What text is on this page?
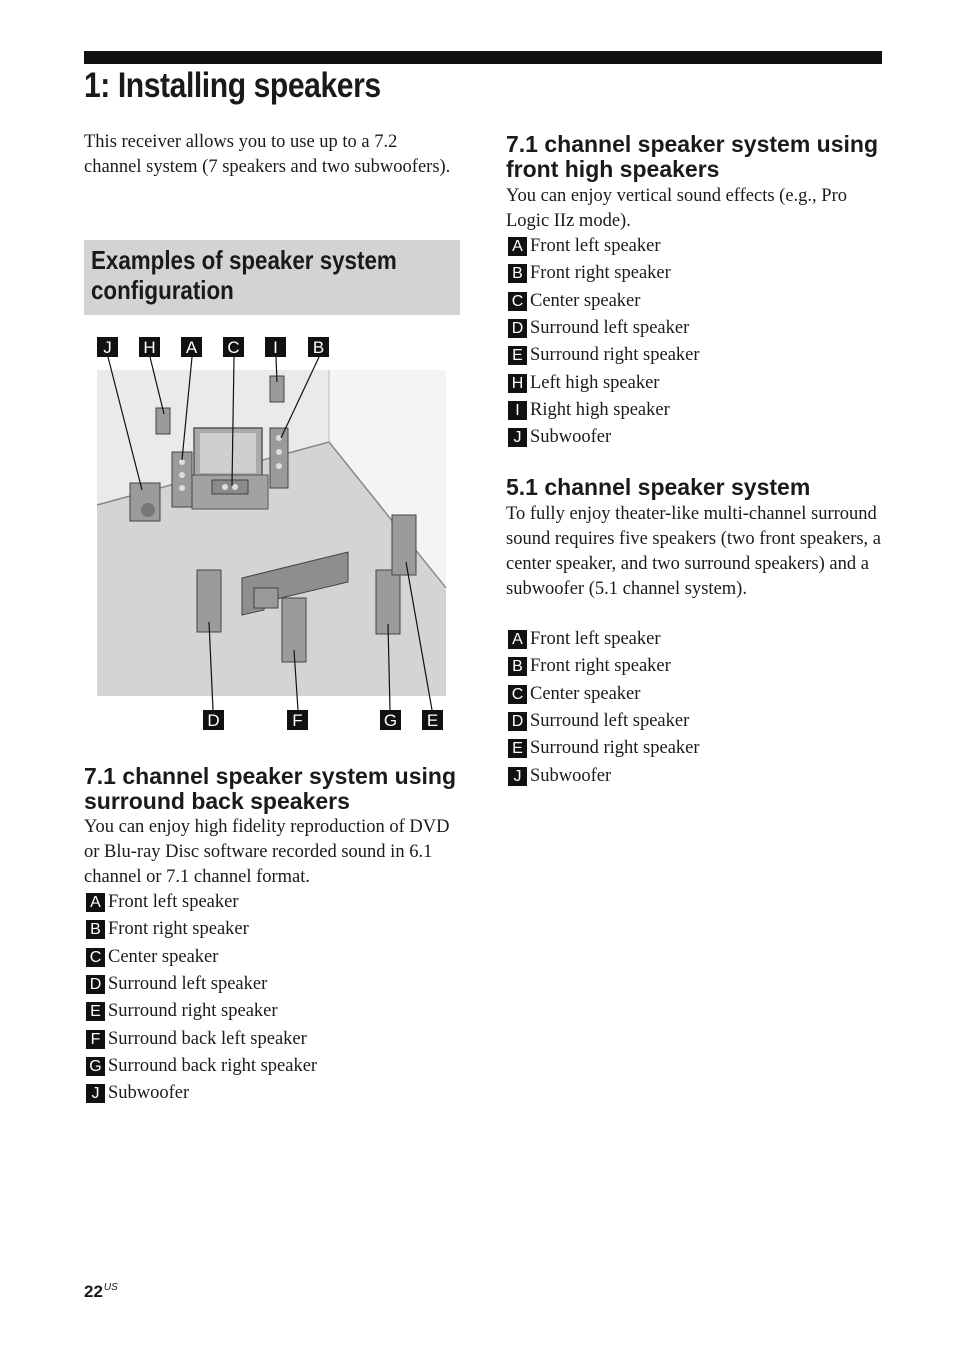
1: Installing speakers

This receiver allows you to use up to a 7.2 channel system (7 speakers and two subwoofers).

Examples of speaker system configuration
J H A C I B
D	F	G E
7.1 channel speaker system using surround back speakers

You can enjoy high fidelity reproduction of DVD or Blu-ray Disc software recorded sound in 6.1 channel or 7.1 channel format.

A Front left speaker
B Front right speaker
C Center speaker
D Surround left speaker
E Surround right speaker
F Surround back left speaker
G Surround back right speaker
J Subwoofer
7.1 channel speaker system using front high speakers

You can enjoy vertical sound effects (e.g., Pro Logic IIz mode).

A Front left speaker
B Front right speaker
C Center speaker
D Surround left speaker
E Surround right speaker
H Left high speaker
I Right high speaker
J Subwoofer
5.1 channel speaker system

To fully enjoy theater-like multi-channel surround sound requires five speakers (two front speakers, a center speaker, and two surround speakers) and a subwoofer (5.1 channel system).

A Front left speaker
B Front right speaker
C Center speaker
D Surround left speaker
E Surround right speaker
J Subwoofer
$22^{US}$
